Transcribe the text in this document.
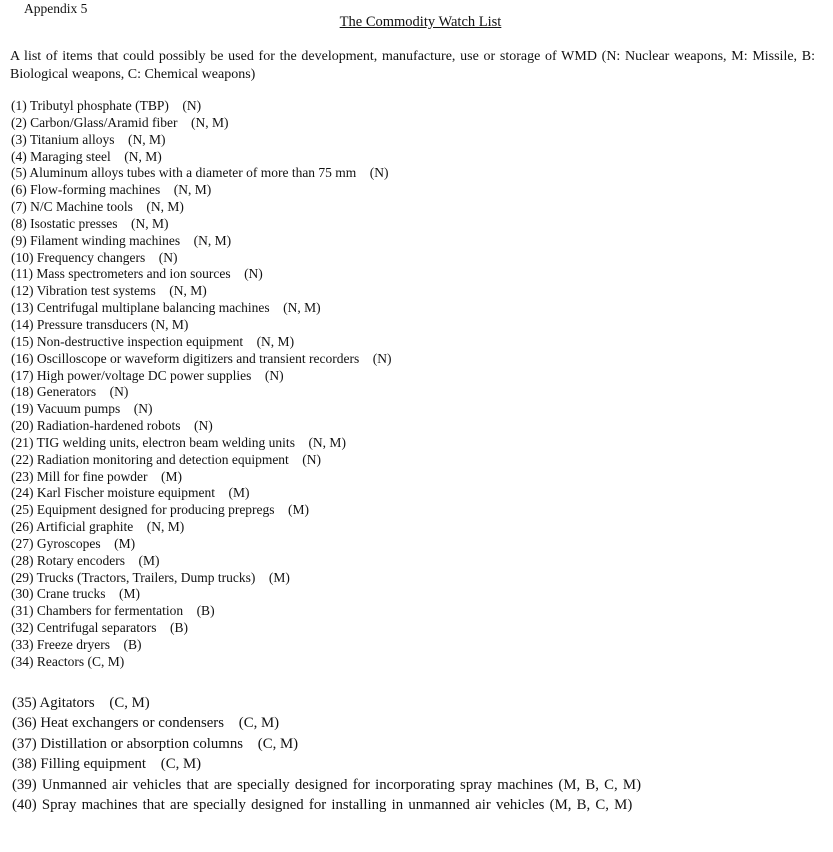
Appendix 5
The Commodity Watch List
A list of items that could possibly be used for the development, manufacture, use or storage of WMD (N: Nuclear weapons, M: Missile, B: Biological weapons, C: Chemical weapons)
(1) Tributyl phosphate (TBP)    (N)
(2) Carbon/Glass/Aramid fiber    (N, M)
(3) Titanium alloys    (N, M)
(4) Maraging steel    (N, M)
(5) Aluminum alloys tubes with a diameter of more than 75 mm    (N)
(6) Flow-forming machines    (N, M)
(7) N/C Machine tools    (N, M)
(8) Isostatic presses    (N, M)
(9) Filament winding machines    (N, M)
(10) Frequency changers    (N)
(11) Mass spectrometers and ion sources    (N)
(12) Vibration test systems    (N, M)
(13) Centrifugal multiplane balancing machines    (N, M)
(14) Pressure transducers (N, M)
(15) Non-destructive inspection equipment    (N, M)
(16) Oscilloscope or waveform digitizers and transient recorders    (N)
(17) High power/voltage DC power supplies    (N)
(18) Generators    (N)
(19) Vacuum pumps    (N)
(20) Radiation-hardened robots    (N)
(21) TIG welding units, electron beam welding units    (N, M)
(22) Radiation monitoring and detection equipment    (N)
(23) Mill for fine powder    (M)
(24) Karl Fischer moisture equipment    (M)
(25) Equipment designed for producing prepregs    (M)
(26) Artificial graphite    (N, M)
(27) Gyroscopes    (M)
(28) Rotary encoders    (M)
(29) Trucks (Tractors, Trailers, Dump trucks)    (M)
(30) Crane trucks    (M)
(31) Chambers for fermentation    (B)
(32) Centrifugal separators    (B)
(33) Freeze dryers    (B)
(34) Reactors (C, M)
(35) Agitators    (C, M)
(36) Heat exchangers or condensers    (C, M)
(37) Distillation or absorption columns    (C, M)
(38) Filling equipment    (C, M)
(39) Unmanned air vehicles that are specially designed for incorporating spray machines (M, B, C, M)
(40) Spray machines that are specially designed for installing in unmanned air vehicles (M, B, C, M)
